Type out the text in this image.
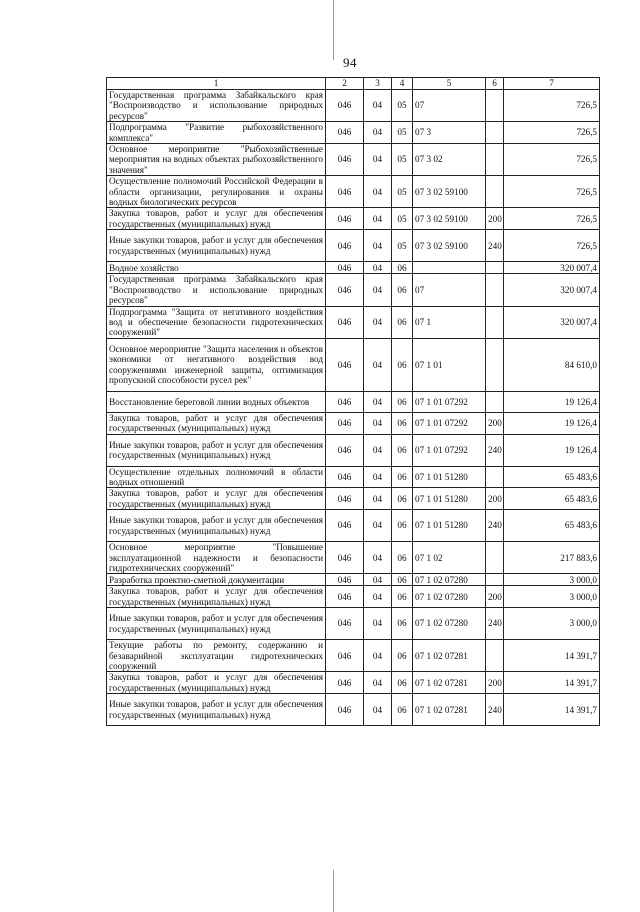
94
1	2	3	4	5	6	7
Государственная программа Забайкальского края "Воспроизводство и использование природных ресурсов"	046	04	05	07		726,5
Подпрограмма "Развитие рыбохозяйственного комплекса"	046	04	05	07 3		726,5
Основное мероприятие "Рыбохозяйственные мероприятия на водных объектах рыбохозяйственного значения"	046	04	05	07 3 02		726,5
Осуществление полномочий Российской Федерации в области организации, регулирования и охраны водных биологических ресурсов	046	04	05	07 3 02 59100		726,5
Закупка товаров, работ и услуг для обеспечения государственных (муниципальных) нужд	046	04	05	07 3 02 59100	200	726,5
Иные закупки товаров, работ и услуг для обеспечения государственных (муниципальных) нужд	046	04	05	07 3 02 59100	240	726,5
Водное хозяйство	046	04	06			320 007,4
Государственная программа Забайкальского края "Воспроизводство и использование природных ресурсов"	046	04	06	07		320 007,4
Подпрограмма "Защита от негативного воздействия вод и обеспечение безопасности гидротехнических сооружений"	046	04	06	07 1		320 007,4
Основное мероприятие "Защита населения и объектов экономики от негативного воздействия вод сооружениями инженерной защиты, оптимизация пропускной способности русел рек"	046	04	06	07 1 01		84 610,0
Восстановление береговой линии водных объектов	046	04	06	07 1 01 07292		19 126,4
Закупка товаров, работ и услуг для обеспечения государственных (муниципальных) нужд	046	04	06	07 1 01 07292	200	19 126,4
Иные закупки товаров, работ и услуг для обеспечения государственных (муниципальных) нужд	046	04	06	07 1 01 07292	240	19 126,4
Осуществление отдельных полномочий в области водных отношений	046	04	06	07 1 01 51280		65 483,6
Закупка товаров, работ и услуг для обеспечения государственных (муниципальных) нужд	046	04	06	07 1 01 51280	200	65 483,6
Иные закупки товаров, работ и услуг для обеспечения государственных (муниципальных) нужд	046	04	06	07 1 01 51280	240	65 483,6
Основное мероприятие "Повышение эксплуатационной надежности и безопасности гидротехнических сооружений"	046	04	06	07 1 02		217 883,6
Разработка проектно-сметной документации	046	04	06	07 1 02 07280		3 000,0
Закупка товаров, работ и услуг для обеспечения государственных (муниципальных) нужд	046	04	06	07 1 02 07280	200	3 000,0
Иные закупки товаров, работ и услуг для обеспечения государственных (муниципальных) нужд	046	04	06	07 1 02 07280	240	3 000,0
Текущие работы по ремонту, содержанию и безаварийной эксплуатации гидротехнических сооружений	046	04	06	07 1 02 07281		14 391,7
Закупка товаров, работ и услуг для обеспечения государственных (муниципальных) нужд	046	04	06	07 1 02 07281	200	14 391,7
Иные закупки товаров, работ и услуг для обеспечения государственных (муниципальных) нужд	046	04	06	07 1 02 07281	240	14 391,7
